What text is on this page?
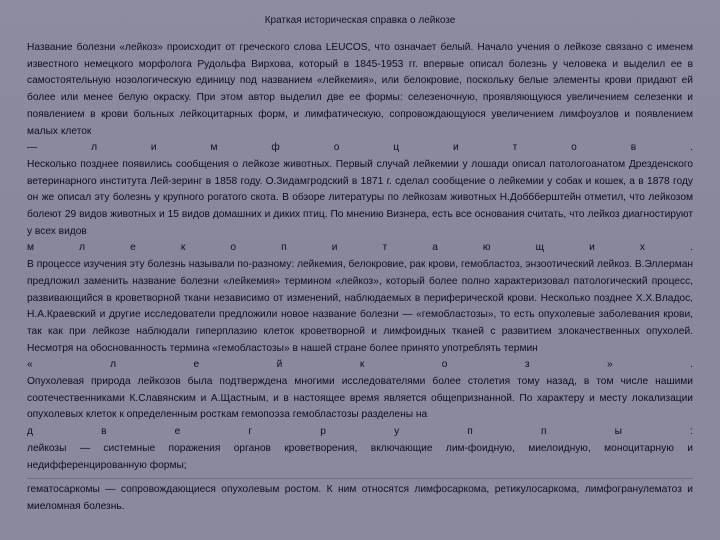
Краткая историческая справка о лейкозе

Название болезни «лейкоз» происходит от греческого слова LEUCOS, что означает белый. Начало учения о лейкозе связано с именем известного немецкого морфолога Рудольфа Вирхова, который в 1845-1953 гг. впервые описал болезнь у человека и выделил ее в самостоятельную нозологическую единицу под названием «лейкемия», или белокровие, поскольку белые элементы крови придают ей более или менее белую окраску. При этом автор выделил две ее формы: селезеночную, проявляющуюся увеличением селезенки и появлением в крови больных лейкоцитарных форм, и лимфатическую, сопровождающуюся увеличением лимфоузлов и появлением малых клеток

—	л	и	м	ф	о	ц	и	т	о	в	.

Несколько позднее появились сообщения о лейкозе животных. Первый случай лейкемии у лошади описал патологоанатом Дрезденского ветеринарного института Лей-зеринг в 1858 году. О.Зидамгродский в 1871 г. сделал сообщение о лейкемии у собак и кошек, а в 1878 году он же описал эту болезнь у крупного рогатого скота. В обзоре литературы по лейкозам животных Н.Доббберштейн отметил, что лейкозом болеют 29 видов животных и 15 видов домашних и диких птиц. По мнению Визнера, есть все основания считать, что лейкоз диагностируют у всех видов

м	л	е	к	о	п	и	т	а	ю	щ	и	х	.

В процессе изучения эту болезнь называли по-разному: лейкемия, белокровие, рак крови, гемобластоз, энзоотический лейкоз. В.Эллерман предложил заменить название болезни «лейкемия» термином «лейкоз», который более полно характеризовал патологический процесс, развивающийся в кроветворной ткани независимо от изменений, наблюдаемых в периферической крови. Несколько позднее Х.Х.Владос, Н.А.Краевский и другие исследователи предложили новое название болезни — «гемобластозы», то есть опухолевые заболевания крови, так как при лейкозе наблюдали гиперплазию клеток кроветворной и лимфоидных тканей с развитием злокачественных опухолей. Несмотря на обоснованность термина «гемобластозы» в нашей стране более принято употреблять термин

«	л	е	й	к	о	з	»	.

Опухолевая природа лейкозов была подтверждена многими исследователями более столетия тому назад, в том числе нашими соотечественниками К.Славянским и А.Щастным, и в настоящее время является общепризнанной. По характеру и месту локализации опухолевых клеток к определенным росткам гемопоэза гемобластозы разделены на

д	в	е	г	р	у	п	п	ы	:

лейкозы — системные поражения органов кроветворения, включающие лим-фоидную, миелоидную, моноцитарную и недифференцированную формы;

гематосаркомы — сопровождающиеся опухолевым ростом. К ним относятся лимфосаркома, ретикулосаркома, лимфогранулематоз и миеломная болезнь.
